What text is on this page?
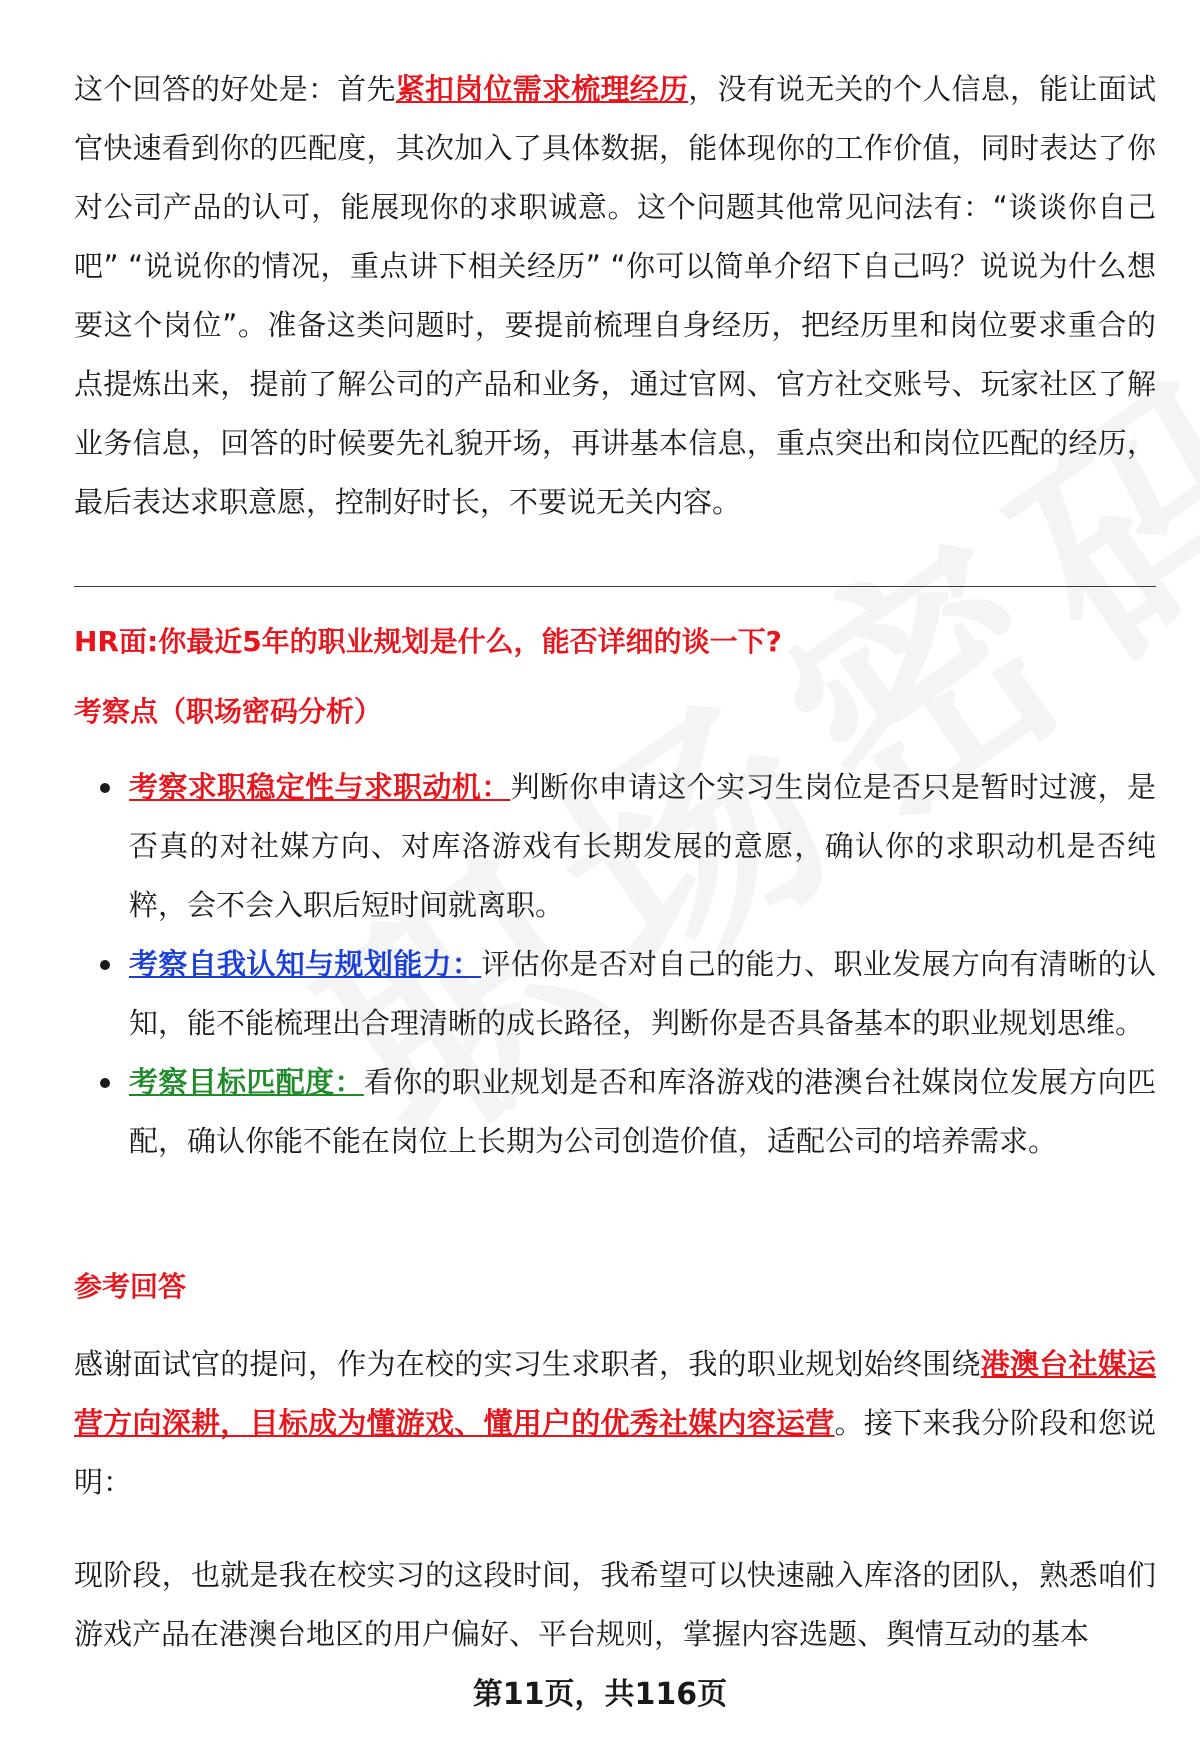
这个回答的好处是：首先紧扣岗位需求梳理经历，没有说无关的个人信息，能让面试官快速看到你的匹配度，其次加入了具体数据，能体现你的工作价值，同时表达了你对公司产品的认可，能展现你的求职诚意。这个问题其他常见问法有：“谈谈你自己吧” “说说你的情况，重点讲下相关经历” “你可以简单介绍下自己吗？说说为什么想要这个岗位”。准备这类问题时，要提前梳理自身经历，把经历里和岗位要求重合的点提炼出来，提前了解公司的产品和业务，通过官网、官方社交账号、玩家社区了解业务信息，回答的时候要先礼貌开场，再讲基本信息，重点突出和岗位匹配的经历，最后表达求职意愿，控制好时长，不要说无关内容。

HR面:你最近5年的职业规划是什么，能否详细的谈一下?

考察点（职场密码分析）

考察求职稳定性与求职动机：判断你申请这个实习生岗位是否只是暂时过渡，是否真的对社媒方向、对库洛游戏有长期发展的意愿，确认你的求职动机是否纯粹，会不会入职后短时间就离职。
考察自我认知与规划能力：评估你是否对自己的能力、职业发展方向有清晰的认知，能不能梳理出合理清晰的成长路径，判断你是否具备基本的职业规划思维。
考察目标匹配度：看你的职业规划是否和库洛游戏的港澳台社媒岗位发展方向匹配，确认你能不能在岗位上长期为公司创造价值，适配公司的培养需求。

参考回答

感谢面试官的提问，作为在校的实习生求职者，我的职业规划始终围绕港澳台社媒运营方向深耕，目标成为懂游戏、懂用户的优秀社媒内容运营。接下来我分阶段和您说明：

现阶段，也就是我在校实习的这段时间，我希望可以快速融入库洛的团队，熟悉咱们游戏产品在港澳台地区的用户偏好、平台规则，掌握内容选题、舆情互动的基本

第11页，共116页
